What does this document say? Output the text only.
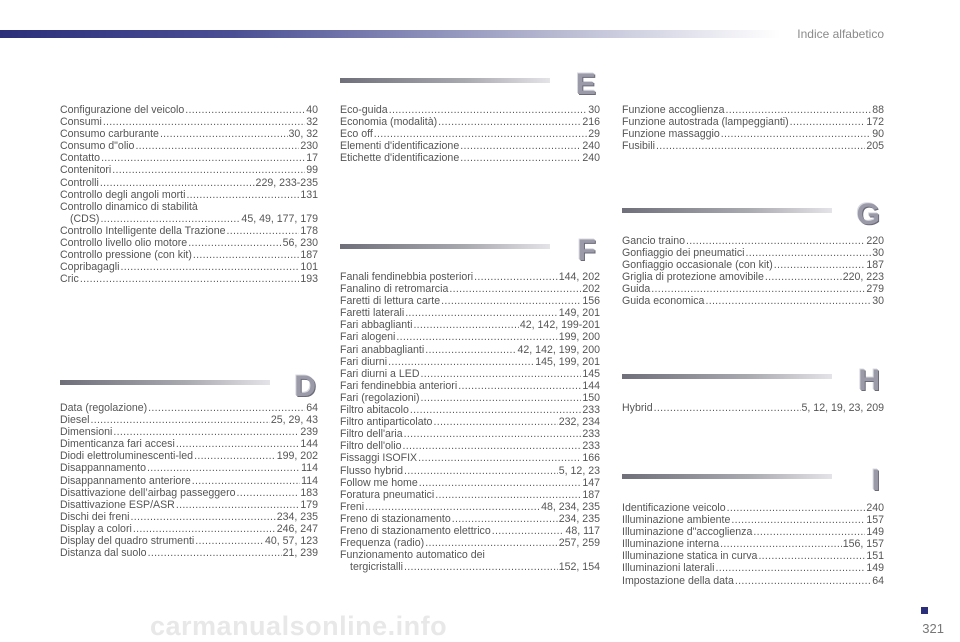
Indice alfabetico
Configurazione del veicolo .....	40
Consumi .....	32
Consumo carburante .....	30, 32
Consumo d"olio .....	230
Contatto .....	17
Contenitori .....	99
Controlli .....	229, 233-235
Controllo degli angoli morti .....	131
Controllo dinamico di stabilità
(CDS) .....	45, 49, 177, 179
Controllo Intelligente della Trazione .....	178
Controllo livello olio motore .....	56, 230
Controllo pressione (con kit) .....	187
Copribagagli .....	101
Cric .....	193
D
Data (regolazione) .....	64
Diesel .....	25, 29, 43
Dimensioni .....	239
Dimenticanza fari accesi .....	144
Diodi elettroluminescenti-led .....	199, 202
Disappannamento .....	114
Disappannamento anteriore .....	114
Disattivazione dell’airbag passeggero .....	183
Disattivazione ESP/ASR .....	179
Dischi dei freni .....	234, 235
Display a colori .....	246, 247
Display del quadro strumenti .....	40, 57, 123
Distanza dal suolo .....	21, 239
E
Eco-guida .....	30
Economia (modalità) .....	216
Eco off .....	29
Elementi d'identificazione .....	240
Etichette d'identificazione .....	240
F
Fanali fendinebbia posteriori .....	144, 202
Fanalino di retromarcia .....	202
Faretti di lettura carte .....	156
Faretti laterali .....	149, 201
Fari abbaglianti .....	42, 142, 199-201
Fari alogeni .....	199, 200
Fari anabbaglianti .....	42, 142, 199, 200
Fari diurni .....	145, 199, 201
Fari diurni a LED .....	145
Fari fendinebbia anteriori .....	144
Fari (regolazioni) .....	150
Filtro abitacolo .....	233
Filtro antiparticolato .....	232, 234
Filtro dell'aria .....	233
Filtro dell'olio .....	233
Fissaggi ISOFIX .....	166
Flusso hybrid .....	5, 12, 23
Follow me home .....	147
Foratura pneumatici .....	187
Freni .....	48, 234, 235
Freno di stazionamento .....	234, 235
Freno di stazionamento elettrico .....	48, 117
Frequenza (radio) .....	257, 259
Funzionamento automatico dei
tergicristalli .....	152, 154
Funzione accoglienza .....	88
Funzione autostrada (lampeggianti) .....	172
Funzione massaggio .....	90
Fusibili .....	205
G
Gancio traino .....	220
Gonfiaggio dei pneumatici .....	30
Gonfiaggio occasionale (con kit) .....	187
Griglia di protezione amovibile .....	220, 223
Guida .....	279
Guida economica .....	30
H
Hybrid .....	5, 12, 19, 23, 209
I
Identificazione veicolo .....	240
Illuminazione ambiente .....	157
Illuminazione d"accoglienza .....	149
Illuminazione interna .....	156, 157
Illuminazione statica in curva .....	151
Illuminazioni laterali .....	149
Impostazione della data .....	64
carmanualsonline.info	321
